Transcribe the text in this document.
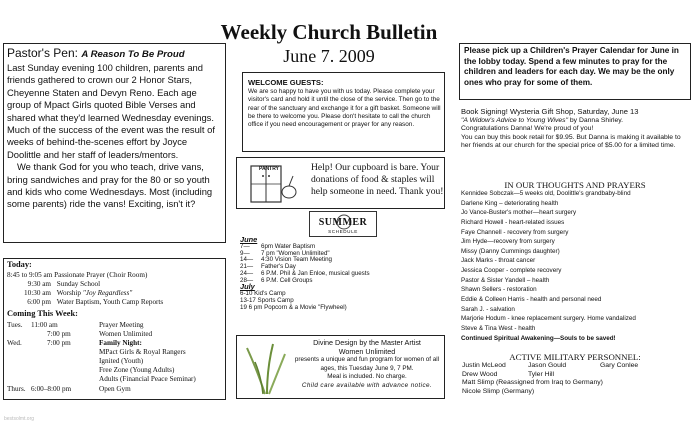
Weekly Church Bulletin
June 7. 2009
Pastor's Pen: A Reason To Be Proud
Last Sunday evening 100 children, parents and friends gathered to crown our 2 Honor Stars, Cheyenne Staten and Devyn Reno. Each age group of Mpact Girls quoted Bible Verses and shared what they'd learned Wednesday evenings. Much of the success of the event was the result of weeks of behind-the-scenes effort by Joyce Doolittle and her staff of leaders/mentors.
We thank God for you who teach, drive vans, bring sandwiches and pray for the 80 or so youth and kids who come Wednesdays. Most (including some parents) ride the vans! Exciting, isn't it?
WELCOME GUESTS:
We are so happy to have you with us today. Please complete your visitor's card and hold it until the close of the service. Then go to the rear of the sanctuary and exchange it for a gift basket. Someone will be there to welcome you. Please don't hesitate to call the church office if you need encouragement or prayer for any reason.
Please pick up a Children's Prayer Calendar for June in the lobby today. Spend a few minutes to pray for the children and leaders for each day. We may be the only ones who pray for some of them.
Book Signing! Wysteria Gift Shop, Saturday, June 13
"A Widow's Advice to Young Wives" by Danna Shirley.
Congratulations Danna! We're proud of you!
You can buy this book retail for $9.95. But Danna is making it available to her friends at our church for the special price of $5.00 for a limited time.
PANTRY	Help! Our cupboard is bare. Your donations of food & staples will help someone in need. Thank you!
SUMMER
SCHEDULE
June
7— 6pm Water Baptism
9— 7 pm "Women Unlimited"
14— 4:30 Vision Team Meeting
21— Father's Day
24— 6 P.M. Phil & Jan Enloe, musical guests
28— 6 P.M. Cell Groups
July
6-10 Kid's Camp
13-17 Sports Camp
19 6 pm Popcorn & a Movie "Flywheel)
Divine Design by the Master Artist
Women Unlimited
presents a unique and fun program for women of all ages, this Tuesday June 9, 7 PM.
Meal is included. No charge.
Child care available with advance notice.
Today:
8:45 to 9:05 am Passionate Prayer (Choir Room)
9:30 am Sunday School
10:30 am Worship "Joy Regardless"
6:00 pm Water Baptism, Youth Camp Reports
Coming This Week:
Tues. 11:00 am	Prayer Meeting
7:00 pm	Women Unlimited
Wed.	7:00 pm	Family Night:
MPact Girls & Royal Rangers
Ignited (Youth)
Free Zone (Young Adults)
Adults (Financial Peace Seminar)
Thurs. 6:00–8:00 pm	Open Gym
IN OUR THOUGHTS AND PRAYERS
Kennidee Sobczak—5 weeks old, Doolittle's grandbaby-blind
Darlene King – deteriorating health
Jo Vance-Buster's mother—heart surgery
Richard Howell - heart-related issues
Faye Channell - recovery from surgery
Jim Hyde—recovery from surgery
Missy (Danny Cummings daughter)
Jack Marks - throat cancer
Jessica Cooper - complete recovery
Pastor & Sister Yandell – health
Shawn Sellers - restoration
Eddie & Colleen Harris - health and personal need
Sarah J. - salvation
Marjorie Hodum - knee replacement surgery. Home vandalized
Steve & Tina West - health
Continued Spiritual Awakening—Souls to be saved!
ACTIVE MILITARY PERSONNEL:
Justin McLeod	Jason Gould	Gary Conlee
Drew Wood	Tyler Hill
Matt Slimp (Reassigned from Iraq to Germany)
Nicole Slimp (Germany)
bestsolmt.org
